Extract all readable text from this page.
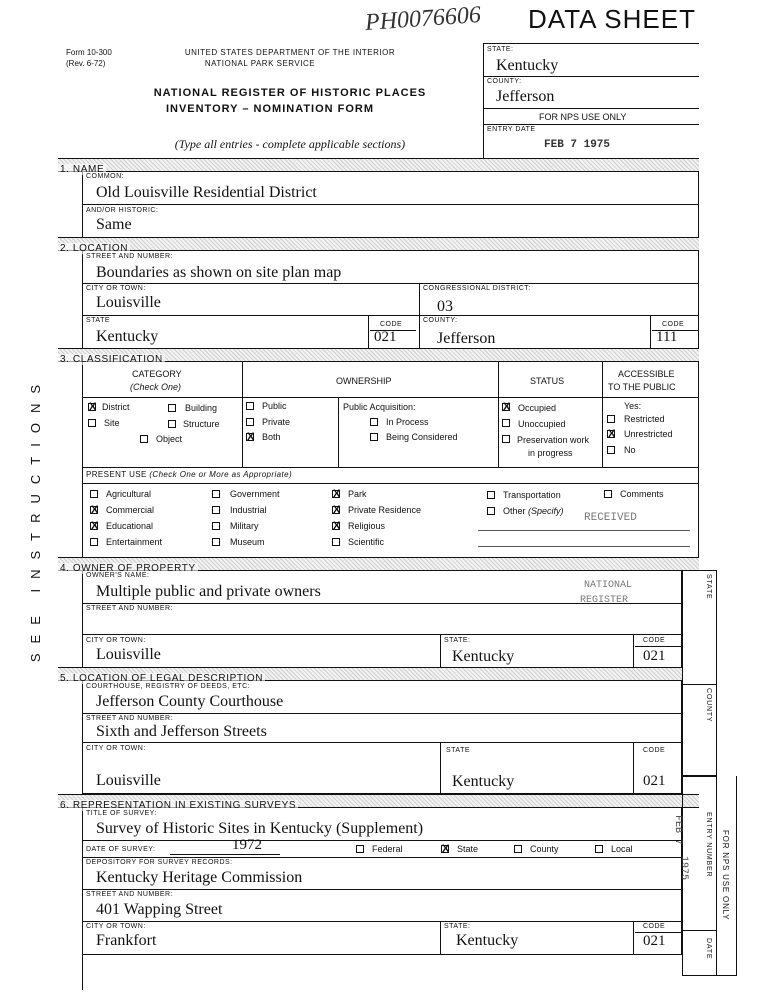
PH0076606 DATA SHEET
Form 10-300
(Rev. 6-72)
UNITED STATES DEPARTMENT OF THE INTERIOR
NATIONAL PARK SERVICE
NATIONAL REGISTER OF HISTORIC PLACES
INVENTORY – NOMINATION FORM
(Type all entries - complete applicable sections)
STATE:
Kentucky
COUNTY:
Jefferson
FOR NPS USE ONLY
ENTRY DATE
FEB 7 1975
SEE INSTRUCTIONS
1. NAME
COMMON:
Old Louisville Residential District
AND/OR HISTORIC:
Same
2. LOCATION
STREET AND NUMBER:
Boundaries as shown on site plan map
CITY OR TOWN:
Louisville
CONGRESSIONAL DISTRICT:
03
STATE
Kentucky
CODE
021
COUNTY:
Jefferson
CODE
111
3. CLASSIFICATION
CATEGORY
(Check One)
OWNERSHIP	STATUS
ACCESSIBLE
TO THE PUBLIC
X District	Building
Site	Structure
Object
Public
Private
X Both
Public Acquisition:
In Process
Being Considered
X Occupied
Unoccupied
Preservation work
in progress
Yes:
Restricted
X Unrestricted
No
PRESENT USE (Check One or More as Appropriate)
Agricultural
X Commercial
X Educational
Entertainment
Government
Industrial
Military
Museum
X Park
X Private Residence
X Religious
Scientific
Transportation
Other (Specify)
Comments
RECEIVED
4. OWNER OF PROPERTY
OWNER'S NAME:
Multiple public and private owners	NATIONAL
REGISTER
STREET AND NUMBER:
CITY OR TOWN:
Louisville
STATE:
Kentucky
CODE
021
5. LOCATION OF LEGAL DESCRIPTION
COURTHOUSE, REGISTRY OF DEEDS, ETC:
Jefferson County Courthouse
STREET AND NUMBER:
Sixth and Jefferson Streets
CITY OR TOWN:
Louisville
STATE
Kentucky
CODE
021
6. REPRESENTATION IN EXISTING SURVEYS
TITLE OF SURVEY:
Survey of Historic Sites in Kentucky (Supplement)
DATE OF SURVEY:	1972	Federal	X State	County	Local
DEPOSITORY FOR SURVEY RECORDS:
Kentucky Heritage Commission
STREET AND NUMBER:
401 Wapping Street
CITY OR TOWN:
Frankfort
STATE:
Kentucky
CODE
021
STATE
COUNTY
ENTRY NUMBER
DATE
FEB 7
1975	FOR NPS USE ONLY
